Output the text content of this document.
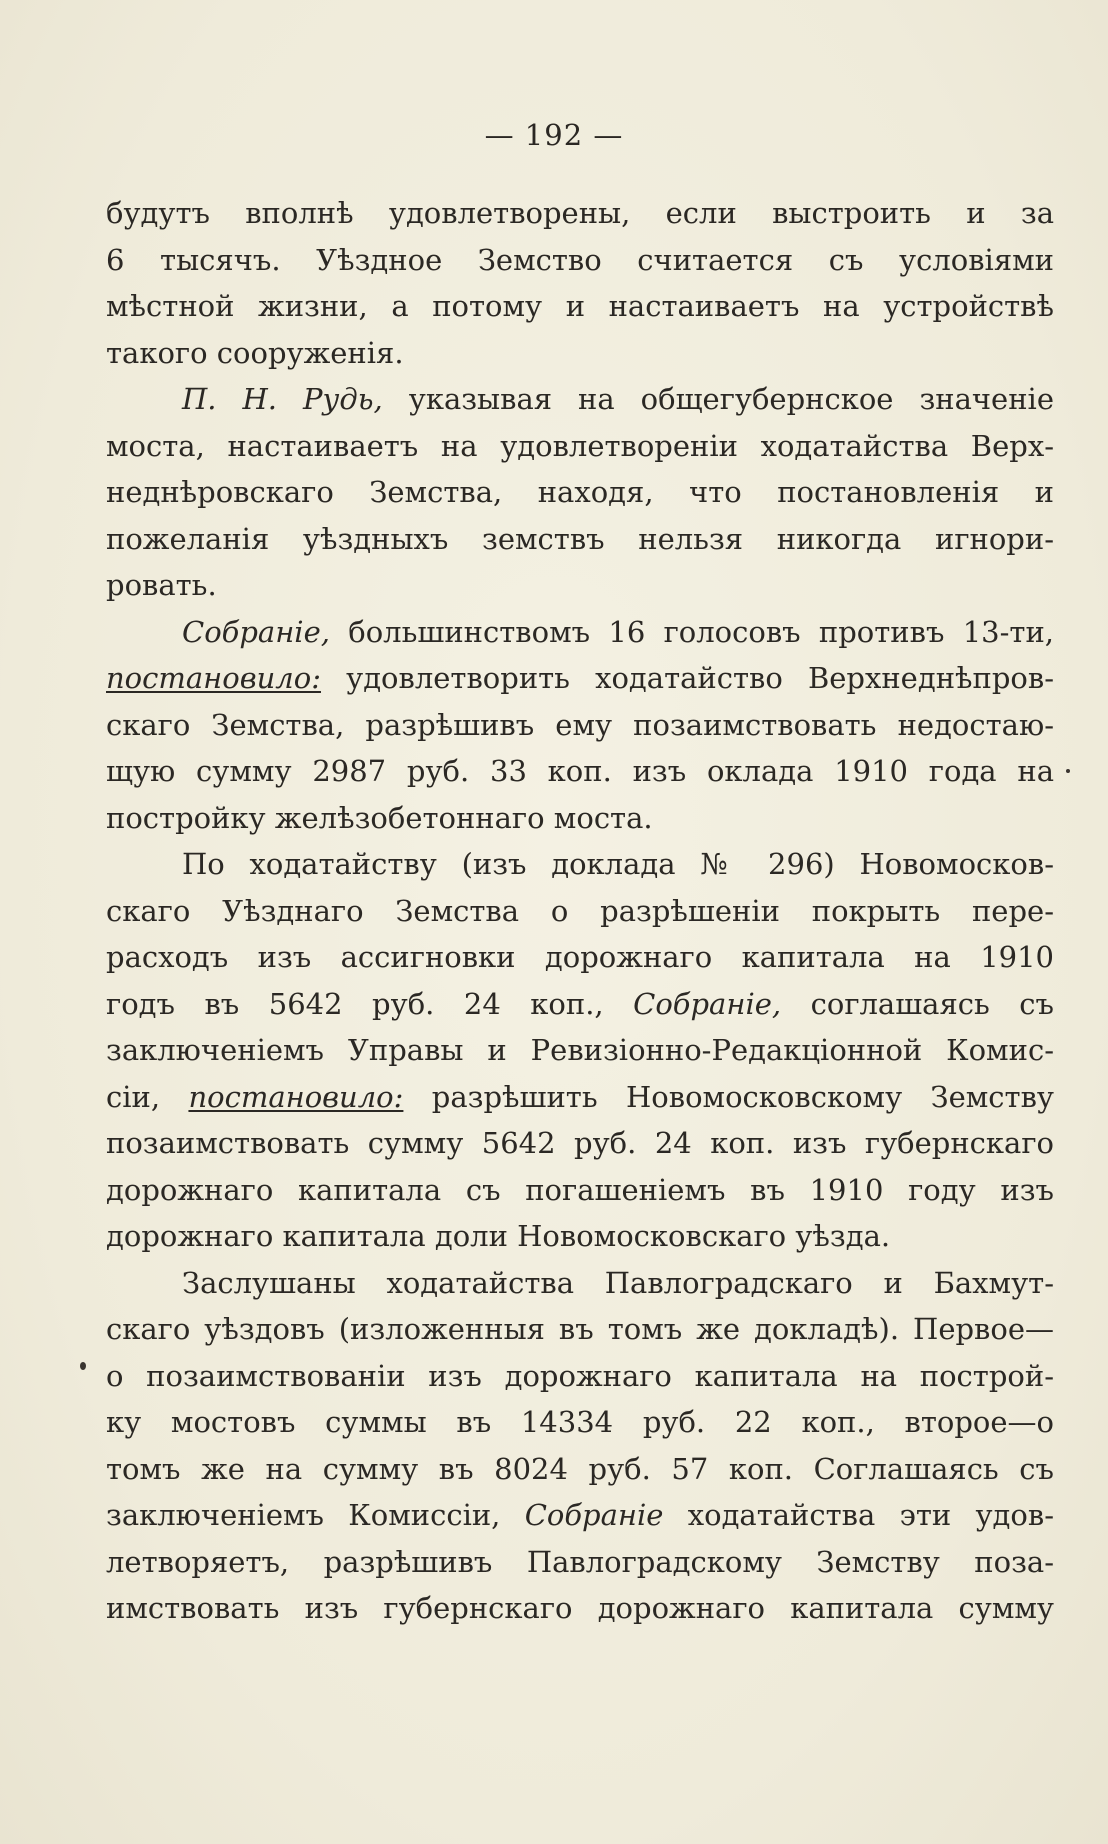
— 192 —
будутъ вполнѣ удовлетворены, если выстроить и за
6 тысячъ. Уѣздное Земство считается съ условіями
мѣстной жизни, а потому и настаиваетъ на устройствѣ
такого сооруженія.
П. Н. Рудь, указывая на общегубернское значеніе
моста, настаиваетъ на удовлетвореніи ходатайства Верх-
неднѣровскаго Земства, находя, что постановленія и
пожеланія уѣздныхъ земствъ нельзя никогда игнори-
ровать.
Собраніе, большинствомъ 16 голосовъ противъ 13-ти,
постановило: удовлетворить ходатайство Верхнеднѣпров-
скаго Земства, разрѣшивъ ему позаимствовать недостаю-
щую сумму 2987 руб. 33 коп. изъ оклада 1910 года на
постройку желѣзобетоннаго моста.
По ходатайству (изъ доклада № 296) Новомосков-
скаго Уѣзднаго Земства о разрѣшеніи покрыть пере-
расходъ изъ ассигновки дорожнаго капитала на 1910
годъ въ 5642 руб. 24 коп., Собраніе, соглашаясь съ
заключеніемъ Управы и Ревизіонно-Редакціонной Комис-
сіи, постановило: разрѣшить Новомосковскому Земству
позаимствовать сумму 5642 руб. 24 коп. изъ губернскаго
дорожнаго капитала съ погашеніемъ въ 1910 году изъ
дорожнаго капитала доли Новомосковскаго уѣзда.
Заслушаны ходатайства Павлоградскаго и Бахмут-
скаго уѣздовъ (изложенныя въ томъ же докладѣ). Первое—
о позаимствованіи изъ дорожнаго капитала на построй-
ку мостовъ суммы въ 14334 руб. 22 коп., второе—о
томъ же на сумму въ 8024 руб. 57 коп. Соглашаясь съ
заключеніемъ Комиссіи, Собраніе ходатайства эти удов-
летворяетъ, разрѣшивъ Павлоградскому Земству поза-
имствовать изъ губернскаго дорожнаго капитала сумму
